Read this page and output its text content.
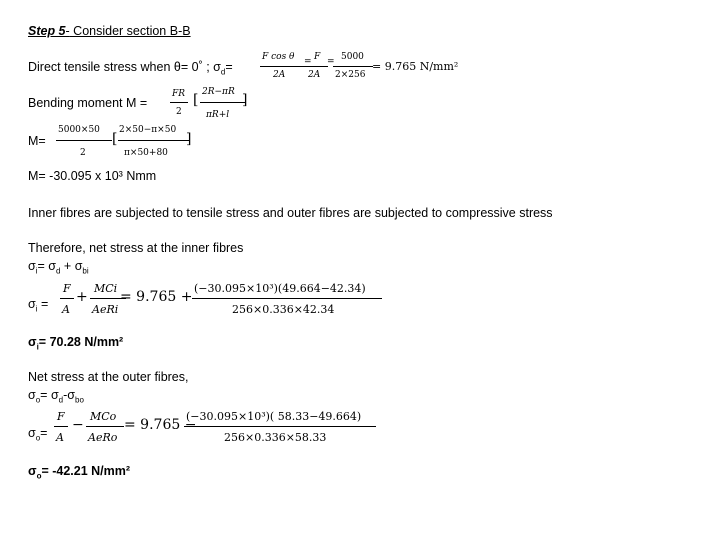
Step 5- Consider section B-B
Direct tensile stress when θ= 0˚ ; $\sigma_d=$
F cos θ
2A
= F
2A
= 5000
2×256
= 9.765 N/mm²
Bending moment M =
FR
2
[ 2R−πR
πR+l
]
M=
5000×50
2
[
2×50−π×50
π×50+80
]
M= -30.095 x 10³ Nmm
Inner fibres are subjected to tensile stress and outer fibres are subjected to compressive stress
Therefore, net stress at the inner fibres
$\sigma_i= \sigma_d + \sigma_{bi}$
$\sigma_i$ =
F
A
+
MCi
AeRi
= 9.765 +
(−30.095×10³)(49.664−42.34)
256×0.336×42.34
$\sigma_i= 70.28$ N/mm²
Net stress at the outer fibres,
$\sigma_o= \sigma_d-\sigma_{bo}$
$\sigma_o=$
F
A
−
MCo
AeRo
= 9.765 −
(−30.095×10³)( 58.33−49.664)
256×0.336×58.33
$\sigma_o= -42.21$ N/mm²
